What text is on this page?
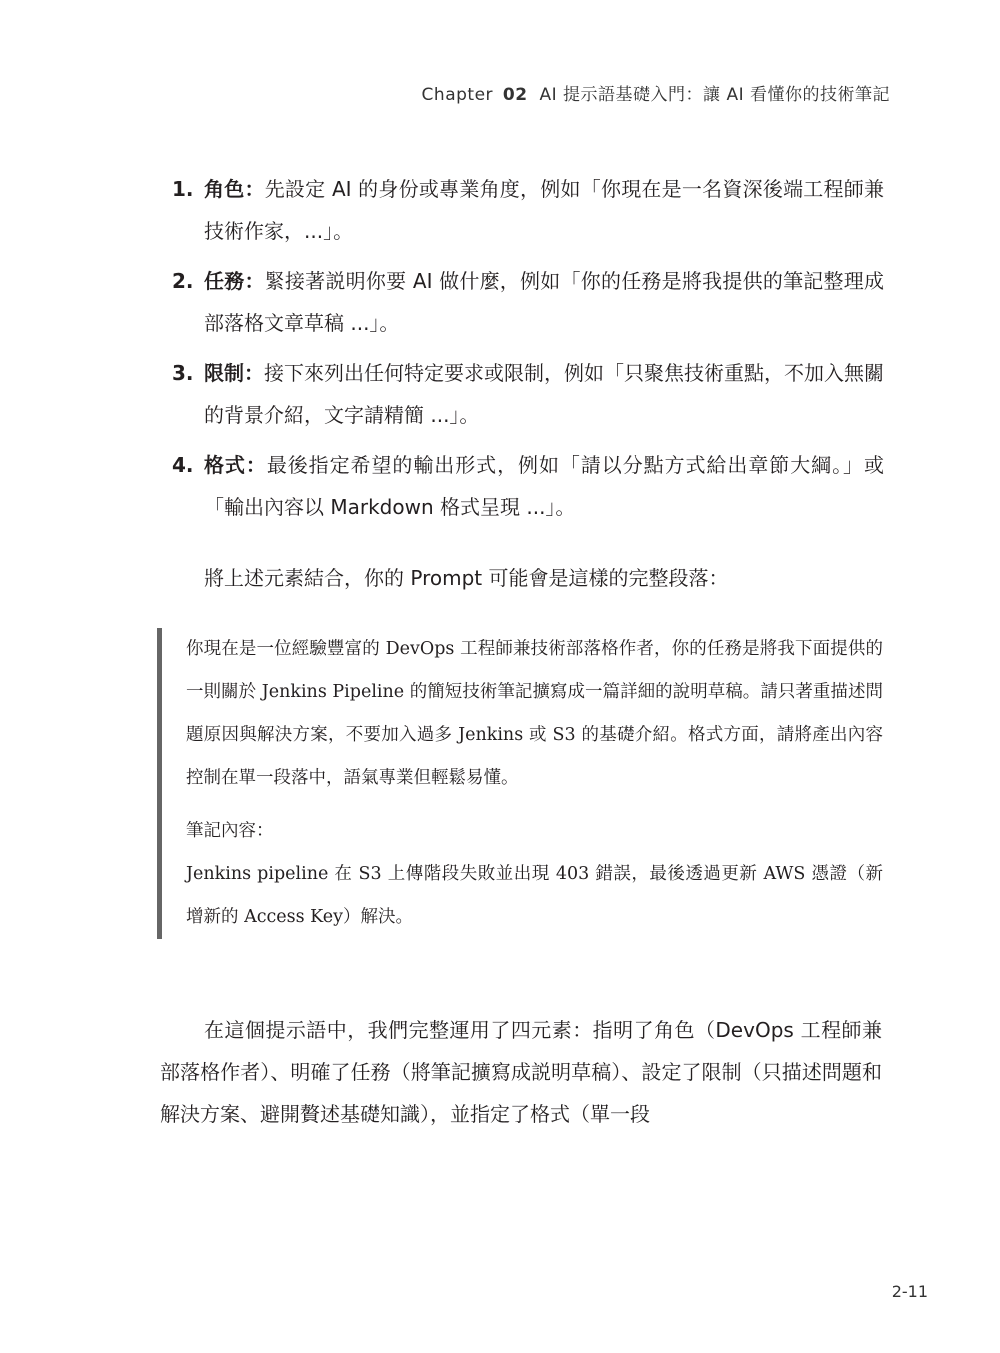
Chapter 02 AI 提示語基礎入門：讓 AI 看懂你的技術筆記
1. 角色：先設定 AI 的身份或專業角度，例如「你現在是一名資深後端工程師兼技術作家，...」。
2. 任務：緊接著説明你要 AI 做什麼，例如「你的任務是將我提供的筆記整理成部落格文章草稿 ...」。
3. 限制：接下來列出任何特定要求或限制，例如「只聚焦技術重點，不加入無關的背景介紹，文字請精簡 ...」。
4. 格式：最後指定希望的輸出形式，例如「請以分點方式給出章節大綱。」或「輸出內容以 Markdown 格式呈現 ...」。
將上述元素結合，你的 Prompt 可能會是這樣的完整段落：

你現在是一位經驗豐富的 DevOps 工程師兼技術部落格作者，你的任務是將我下面提供的一則關於 Jenkins Pipeline 的簡短技術筆記擴寫成一篇詳細的說明草稿。請只著重描述問題原因與解決方案，不要加入過多 Jenkins 或 S3 的基礎介紹。格式方面，請將產出內容控制在單一段落中，語氣專業但輕鬆易懂。

筆記內容：

Jenkins pipeline 在 S3 上傳階段失敗並出現 403 錯誤，最後透過更新 AWS 憑證（新增新的 Access Key）解決。

在這個提示語中，我們完整運用了四元素：指明了角色（DevOps 工程師兼部落格作者）、明確了任務（將筆記擴寫成説明草稿）、設定了限制（只描述問題和解決方案、避開贅述基礎知識），並指定了格式（單一段

2-11
